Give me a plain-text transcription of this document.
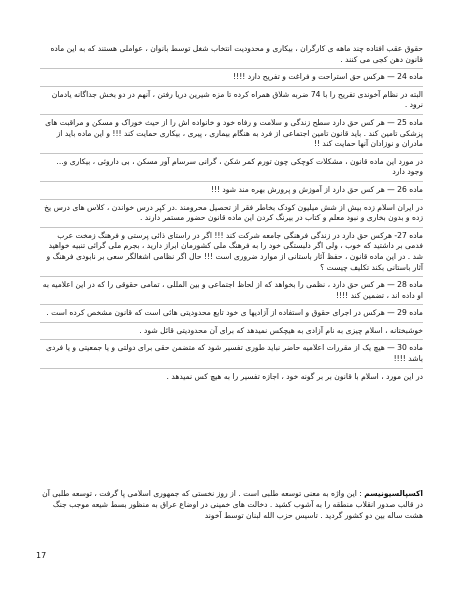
حقوق عقب افتاده چند ماهه ی کارگران ، بیکاری و محدودیت انتخاب شغل توسط بانوان ، عواملی هستند که به این ماده قانون دهن کجی می کنند .
ماده 24 — هرکس حق استراحت و فراغت و تفریح دارد !!!!
البته در نظام آخوندی تفریح را با 74 ضربه شلاق همراه کرده تا مزه شیرین دریا رفتن ، آنهم در دو بخش جداگانه یادمان نرود .
ماده 25 — هر کس حق دارد سطح زندگی و سلامت و رفاه خود و خانواده اش را از حیث خوراک و مسکن و مراقبت های پزشکی تامین کند . باید قانون تامین اجتماعی از فرد به هنگام بیماری ، پیری ، بیکاری حمایت کند !!! و این ماده باید از مادران و نوزادان آنها حمایت کند !!
در مورد این ماده قانون ، مشکلات کوچکی چون تورم کمر شکن ، گرانی سرسام آور مسکن ، بی داروئی ، بیکاری و... وجود دارد
ماده 26 — هر کس حق دارد از آموزش و پرورش بهره مند شود !!!
در ایران اسلام زده بیش از شش میلیون کودک بخاطر فقر از تحصیل محرومند .در کپر درس خواندن ، کلاس های درس یخ زده و بدون بخاری و نبود معلم و کتاب در بیرنگ کردن این ماده قانون حضور مستمر دارند .
ماده 27- هرکس حق دارد در زندگی فرهنگی جامعه شرکت کند !!! اگر در راستای ذائی پرستی و فرهنگ زمخت عرب فدمی بر داشتید که خوب ، ولی اگر دلبستگی خود را به فرهنگ ملی کشورمان ابراز دارید ، بجرم ملی گرائی تنبیه خواهید شد . در این ماده قانون ، حفظ آثار باستانی از موارد ضروری است !!! حال اگر نظامی اشغالگر سعی بر نابودی فرهنگ و آثار باستانی بکند تکلیف چیست ؟
ماده 28 — هر کس حق دارد ، نظمی را بخواهد که از لحاظ اجتماعی و بین المللی ، تمامی حقوقی را که در این اعلامیه به او داده اند ، تضمین کند !!!!
ماده 29 — هرکس در اجرای حقوق و استفاده از آزادیها ی خود تابع محدودیتی هائی است که قانون مشخص کرده است .
خوشبختانه ، اسلام چیزی به نام آزادی به هیچکس نمیدهد که برای آن محدودیتی قائل شود .
ماده 30 — هیچ یک از مقررات اعلامیه حاضر نباید طوری تفسیر شود که متضمن حقی برای دولتی و یا جمعیتی و یا فردی باشد !!!!
در این مورد ، اسلام با قانون بر بر گونه خود ، اجازه تفسیر را به هیچ کس نمیدهد .
اکسپالسیونیسم : این واژه به معنی توسعه طلبی است . از روز نخستی که جمهوری اسلامی پا گرفت ، توسعه طلبی آن در قالب صدور انقلاب منطقه را به آشوب کشید . دخالت های خمینی در اوضاع عراق به منظور بسط شیعه موجب جنگ هشت ساله بین دو کشور گردید . تاسیس حزب الله لبنان توسط آخوند
17
